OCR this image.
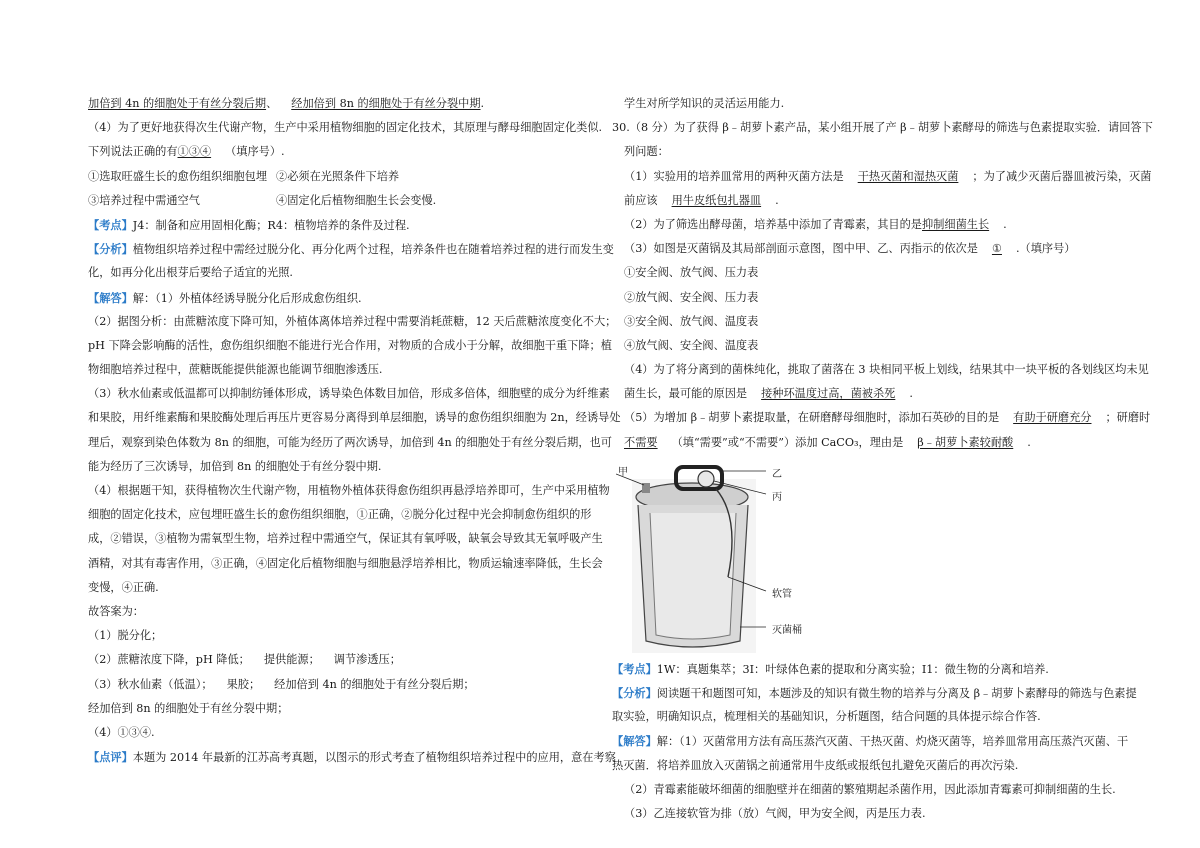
加倍到 4n 的细胞处于有丝分裂后期、 经加倍到 8n 的细胞处于有丝分裂中期.
（4）为了更好地获得次生代谢产物，生产中采用植物细胞的固定化技术，其原理与酵母细胞固定化类似.
下列说法正确的有①③④ （填序号）.
①选取旺盛生长的愈伤组织细胞包埋 ②必须在光照条件下培养
③培养过程中需通空气	④固定化后植物细胞生长会变慢.
【考点】J4：制备和应用固相化酶；R4：植物培养的条件及过程.
【分析】植物组织培养过程中需经过脱分化、再分化两个过程，培养条件也在随着培养过程的进行而发生变
化，如再分化出根芽后要给子适宜的光照.
【解答】解：（1）外植体经诱导脱分化后形成愈伤组织.
（2）据图分析：由蔗糖浓度下降可知，外植体离体培养过程中需要消耗蔗糖，12 天后蔗糖浓度变化不大；
pH 下降会影响酶的活性，愈伤组织细胞不能进行光合作用，对物质的合成小于分解，故细胞干重下降；植
物细胞培养过程中，蔗糖既能提供能源也能调节细胞渗透压.
（3）秋水仙素或低温都可以抑制纺锤体形成，诱导染色体数目加倍，形成多倍体，细胞壁的成分为纤维素
和果胶，用纤维素酶和果胶酶处理后再压片更容易分离得到单层细胞，诱导的愈伤组织细胞为 2n，经诱导处
理后，观察到染色体数为 8n 的细胞，可能为经历了两次诱导，加倍到 4n 的细胞处于有丝分裂后期，也可
能为经历了三次诱导，加倍到 8n 的细胞处于有丝分裂中期.
（4）根据题干知，获得植物次生代谢产物，用植物外植体获得愈伤组织再悬浮培养即可，生产中采用植物
细胞的固定化技术，应包埋旺盛生长的愈伤组织细胞，①正确，②脱分化过程中光会抑制愈伤组织的形
成，②错误，③植物为需氧型生物，培养过程中需通空气，保证其有氧呼吸，缺氧会导致其无氧呼吸产生
酒精，对其有毒害作用，③正确，④固定化后植物细胞与细胞悬浮培养相比，物质运输速率降低，生长会
变慢，④正确.
故答案为：
（1）脱分化；
（2）蔗糖浓度下降，pH 降低； 提供能源； 调节渗透压；
（3）秋水仙素（低温）； 果胶； 经加倍到 4n 的细胞处于有丝分裂后期；
经加倍到 8n 的细胞处于有丝分裂中期；
（4）①③④.
【点评】本题为 2014 年最新的江苏高考真题，以图示的形式考查了植物组织培养过程中的应用，意在考察
学生对所学知识的灵活运用能力.
30.（8 分）为了获得 β﹣胡萝卜素产品，某小组开展了产 β﹣胡萝卜素酵母的筛选与色素提取实验．请回答下
列问题：
（1）实验用的培养皿常用的两种灭菌方法是 干热灭菌和湿热灭菌 ；为了减少灭菌后器皿被污染，灭菌
前应该 用牛皮纸包扎器皿 .
（2）为了筛选出酵母菌，培养基中添加了青霉素，其目的是抑制细菌生长 .
（3）如图是灭菌锅及其局部剖面示意图，图中甲、乙、丙指示的依次是 ① .（填序号）
①安全阀、放气阀、压力表
②放气阀、安全阀、压力表
③安全阀、放气阀、温度表
④放气阀、安全阀、温度表
（4）为了将分离到的菌株纯化，挑取了菌落在 3 块相同平板上划线，结果其中一块平板的各划线区均未见
菌生长，最可能的原因是 接种环温度过高，菌被杀死 .
（5）为增加 β﹣胡萝卜素提取量，在研磨酵母细胞时，添加石英砂的目的是 有助于研磨充分 ；研磨时
不需要 （填“需要”或“不需要”）添加 CaCO₃，理由是 β﹣胡萝卜素较耐酸 .
甲	乙
丙
软管
灭菌桶
【考点】1W：真题集萃；3I：叶绿体色素的提取和分离实验；I1：微生物的分离和培养.
【分析】阅读题干和题图可知，本题涉及的知识有微生物的培养与分离及 β﹣胡萝卜素酵母的筛选与色素提
取实验，明确知识点，梳理相关的基础知识，分析题图，结合问题的具体提示综合作答.
【解答】解：（1）灭菌常用方法有高压蒸汽灭菌、干热灭菌、灼烧灭菌等，培养皿常用高压蒸汽灭菌、干
热灭菌．将培养皿放入灭菌锅之前通常用牛皮纸或报纸包扎避免灭菌后的再次污染.
（2）青霉素能破坏细菌的细胞壁并在细菌的繁殖期起杀菌作用，因此添加青霉素可抑制细菌的生长.
（3）乙连接软管为排（放）气阀，甲为安全阀，丙是压力表.
